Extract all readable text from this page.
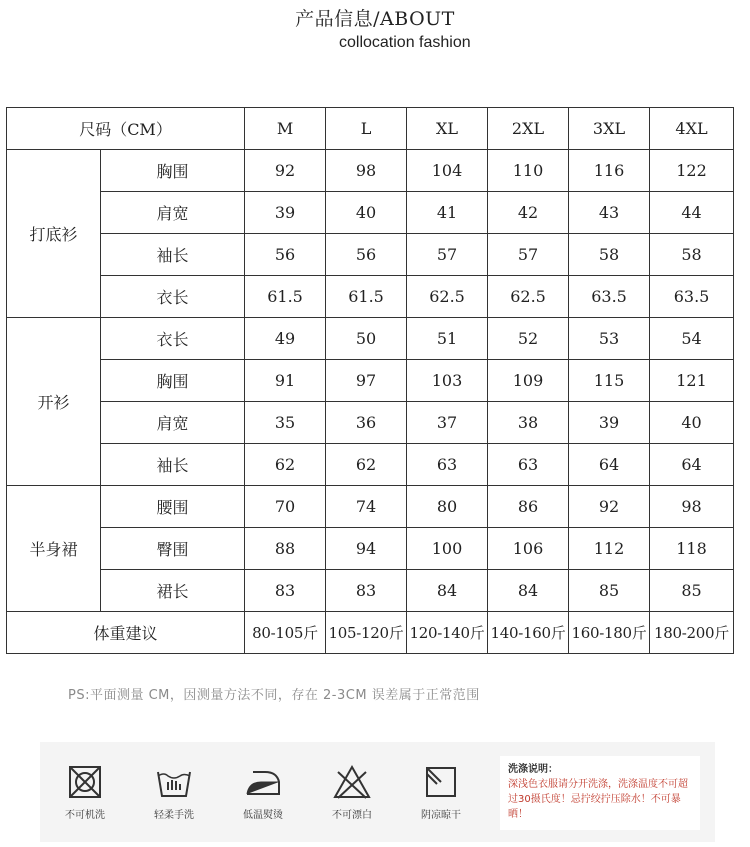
产品信息/ABOUT
collocation fashion
尺码（CM）		M	L	XL	2XL	3XL	4XL
打底衫	胸围	92	98	104	110	116	122
	肩宽	39	40	41	42	43	44
	袖长	56	56	57	57	58	58
	衣长	61.5	61.5	62.5	62.5	63.5	63.5
开衫	衣长	49	50	51	52	53	54
	胸围	91	97	103	109	115	121
	肩宽	35	36	37	38	39	40
	袖长	62	62	63	63	64	64
半身裙	腰围	70	74	80	86	92	98
	臀围	88	94	100	106	112	118
	裙长	83	83	84	84	85	85
体重建议		80-105斤	105-120斤	120-140斤	140-160斤	160-180斤	180-200斤
PS:平面测量 CM，因测量方法不同，存在 2-3CM 误差属于正常范围
不可机洗	轻柔手洗	低温熨烫	不可漂白	阴凉晾干
洗涤说明：
深浅色衣服请分开洗涤，洗涤温度不可超过30摄氏度！忌拧绞拧压除水！不可暴晒！
